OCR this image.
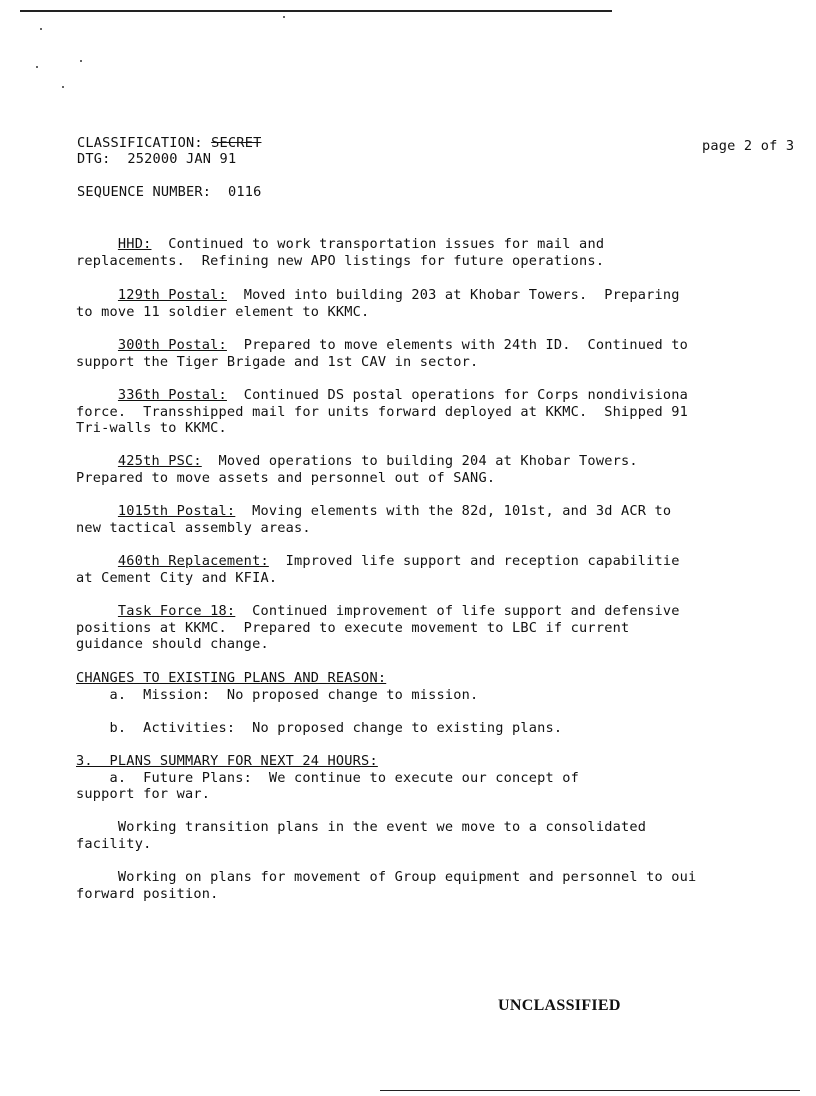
CLASSIFICATION: SECRET
DTG: 252000 JAN 91
SEQUENCE NUMBER: 0116
page 2 of 3
HHD:  Continued to work transportation issues for mail and
replacements.  Refining new APO listings for future operations.
129th Postal:  Moved into building 203 at Khobar Towers.  Preparing
to move 11 soldier element to KKMC.
300th Postal:  Prepared to move elements with 24th ID.  Continued to
support the Tiger Brigade and 1st CAV in sector.
336th Postal:  Continued DS postal operations for Corps nondivisiona
force.  Transshipped mail for units forward deployed at KKMC.  Shipped 91
Tri-walls to KKMC.
425th PSC:  Moved operations to building 204 at Khobar Towers.
Prepared to move assets and personnel out of SANG.
1015th Postal:  Moving elements with the 82d, 101st, and 3d ACR to
new tactical assembly areas.
460th Replacement:  Improved life support and reception capabilitie
at Cement City and KFIA.
Task Force 18:  Continued improvement of life support and defensive
positions at KKMC.  Prepared to execute movement to LBC if current
guidance should change.
CHANGES TO EXISTING PLANS AND REASON:
a.  Mission:  No proposed change to mission.
b.  Activities:  No proposed change to existing plans.
3.  PLANS SUMMARY FOR NEXT 24 HOURS:
a.  Future Plans:  We continue to execute our concept of
support for war.
Working transition plans in the event we move to a consolidated
facility.
Working on plans for movement of Group equipment and personnel to oui
forward position.
UNCLASSIFIED
